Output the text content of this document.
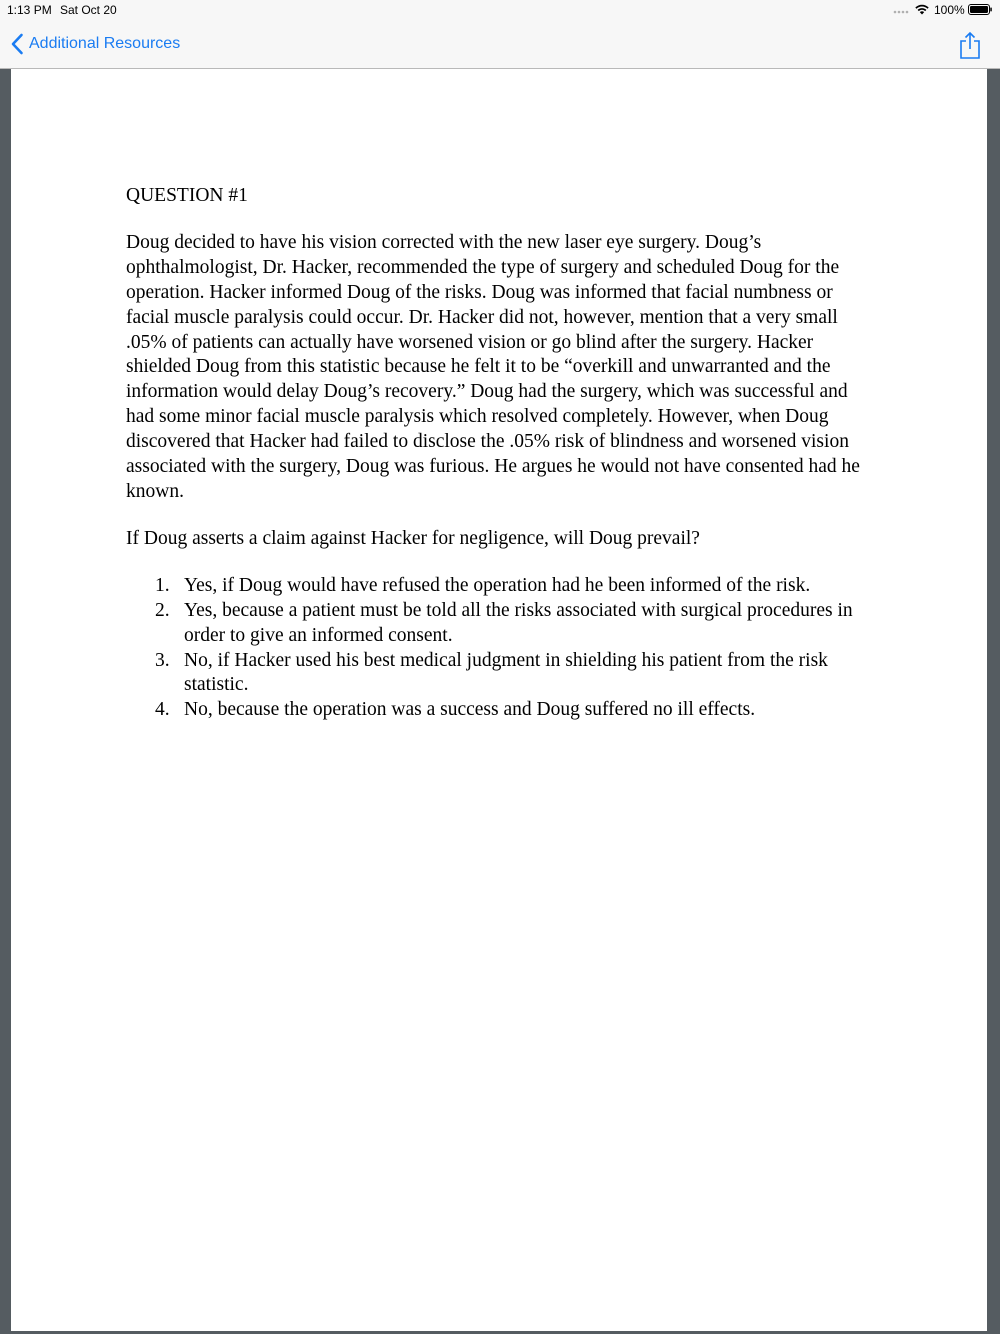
1:13 PM Sat Oct 20	100%
Additional Resources

QUESTION #1

Doug decided to have his vision corrected with the new laser eye surgery. Doug’s ophthalmologist, Dr. Hacker, recommended the type of surgery and scheduled Doug for the operation. Hacker informed Doug of the risks. Doug was informed that facial numbness or facial muscle paralysis could occur. Dr. Hacker did not, however, mention that a very small .05% of patients can actually have worsened vision or go blind after the surgery. Hacker shielded Doug from this statistic because he felt it to be “overkill and unwarranted and the information would delay Doug’s recovery.” Doug had the surgery, which was successful and had some minor facial muscle paralysis which resolved completely. However, when Doug discovered that Hacker had failed to disclose the .05% risk of blindness and worsened vision associated with the surgery, Doug was furious. He argues he would not have consented had he known.

If Doug asserts a claim against Hacker for negligence, will Doug prevail?

1. Yes, if Doug would have refused the operation had he been informed of the risk.
2. Yes, because a patient must be told all the risks associated with surgical procedures in order to give an informed consent.
3. No, if Hacker used his best medical judgment in shielding his patient from the risk statistic.
4. No, because the operation was a success and Doug suffered no ill effects.
